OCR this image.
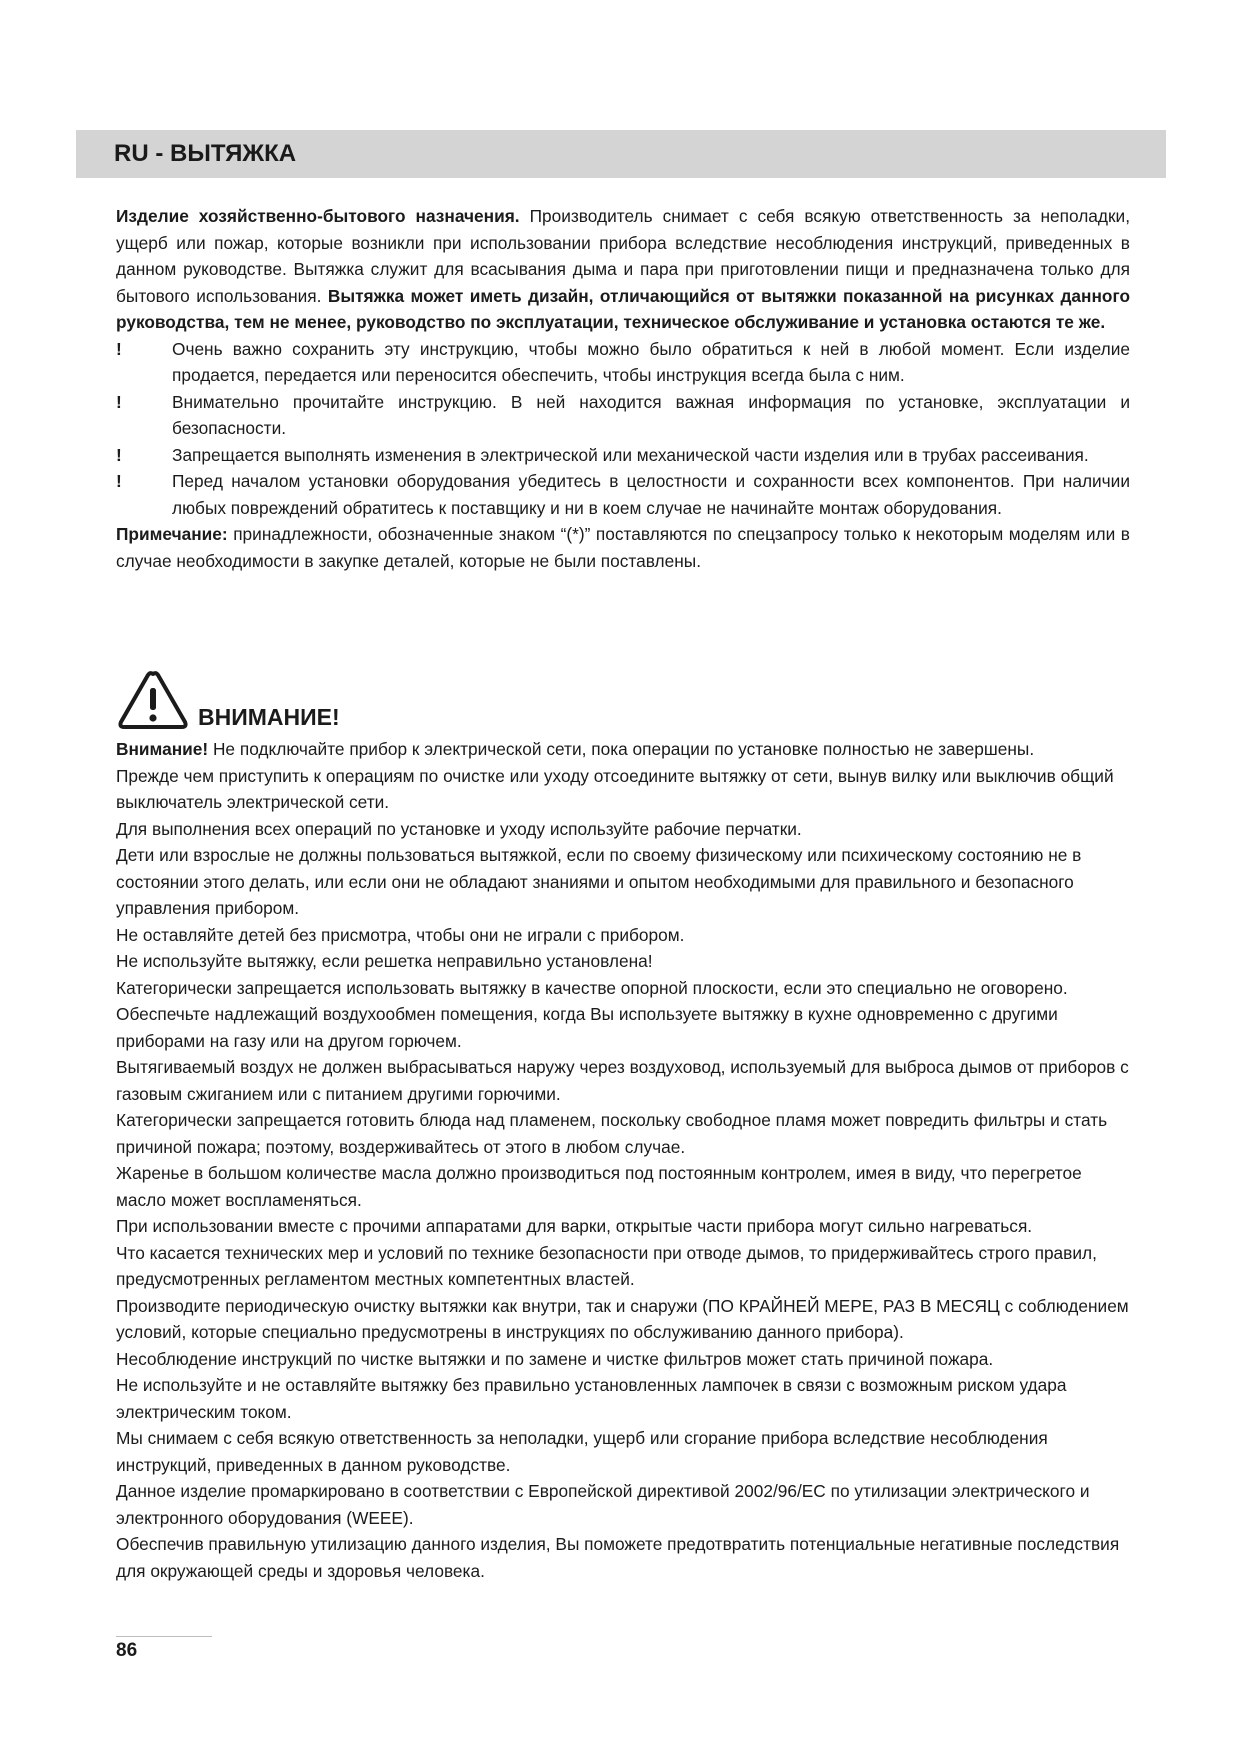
RU - ВЫТЯЖКА

Изделие хозяйственно-бытового назначения. Производитель снимает с себя всякую ответственность за неполадки, ущерб или пожар, которые возникли при использовании прибора вследствие несоблюдения инструкций, приведенных в данном руководстве. Вытяжка служит для всасывания дыма и пара при приготовлении пищи и предназначена только для бытового использования. Вытяжка может иметь дизайн, отличающийся от вытяжки показанной на рисунках данного руководства, тем не менее, руководство по эксплуатации, техническое обслуживание и установка остаются те же.

!	Очень важно сохранить эту инструкцию, чтобы можно было обратиться к ней в любой момент. Если изделие продается, передается или переносится обеспечить, чтобы инструкция всегда была с ним.
!	Внимательно прочитайте инструкцию. В ней находится важная информация по установке, эксплуатации и безопасности.
!	Запрещается выполнять изменения в электрической или механической части изделия или в трубах рассеивания.
!	Перед началом установки оборудования убедитесь в целостности и сохранности всех компонентов. При наличии любых повреждений обратитесь к поставщику и ни в коем случае не начинайте монтаж оборудования.

Примечание: принадлежности, обозначенные знаком “(*)” поставляются по спецзапросу только к некоторым моделям или в случае необходимости в закупке деталей, которые не были поставлены.

ВНИМАНИЕ!

Внимание! Не подключайте прибор к электрической сети, пока операции по установке полностью не завершены.

Прежде чем приступить к операциям по очистке или уходу отсоедините вытяжку от сети, вынув вилку или выключив общий выключатель электрической сети.

Для выполнения всех операций по установке и уходу используйте рабочие перчатки.

Дети или взрослые не должны пользоваться вытяжкой, если по своему физическому или психическому состоянию не в состоянии этого делать, или если они не обладают знаниями и опытом необходимыми для правильного и безопасного управления прибором.

Не оставляйте детей без присмотра, чтобы они не играли с прибором.

Не используйте вытяжку, если решетка неправильно установлена!

Категорически запрещается использовать вытяжку в качестве опорной плоскости, если это специально не оговорено. Обеспечьте надлежащий воздухообмен помещения, когда Вы используете вытяжку в кухне одновременно с другими приборами на газу или на другом горючем.

Вытягиваемый воздух не должен выбрасываться наружу через воздуховод, используемый для выброса дымов от приборов с газовым сжиганием или с питанием другими горючими.

Категорически запрещается готовить блюда над пламенем, поскольку свободное пламя может повредить фильтры и стать причиной пожара; поэтому, воздерживайтесь от этого в любом случае.

Жаренье в большом количестве масла должно производиться под постоянным контролем, имея в виду, что перегретое масло может воспламеняться.

При использовании вместе с прочими аппаратами для варки, открытые части прибора могут сильно нагреваться.

Что касается технических мер и условий по технике безопасности при отводе дымов, то придерживайтесь строго правил, предусмотренных регламентом местных компетентных властей.

Производите периодическую очистку вытяжки как внутри, так и снаружи (ПО КРАЙНЕЙ МЕРЕ, РАЗ В МЕСЯЦ с соблюдением условий, которые специально предусмотрены в инструкциях по обслуживанию данного прибора).

Несоблюдение инструкций по чистке вытяжки и по замене и чистке фильтров может стать причиной пожара.

Не используйте и не оставляйте вытяжку без правильно установленных лампочек в связи с возможным риском удара электрическим током.

Мы снимаем с себя всякую ответственность за неполадки, ущерб или сгорание прибора вследствие несоблюдения инструкций, приведенных в данном руководстве.

Данное изделие промаркировано в соответствии с Европейской директивой 2002/96/EC по утилизации электрического и электронного оборудования (WEEE).

Обеспечив правильную утилизацию данного изделия, Вы поможете предотвратить потенциальные негативные последствия для окружающей среды и здоровья человека.

86
